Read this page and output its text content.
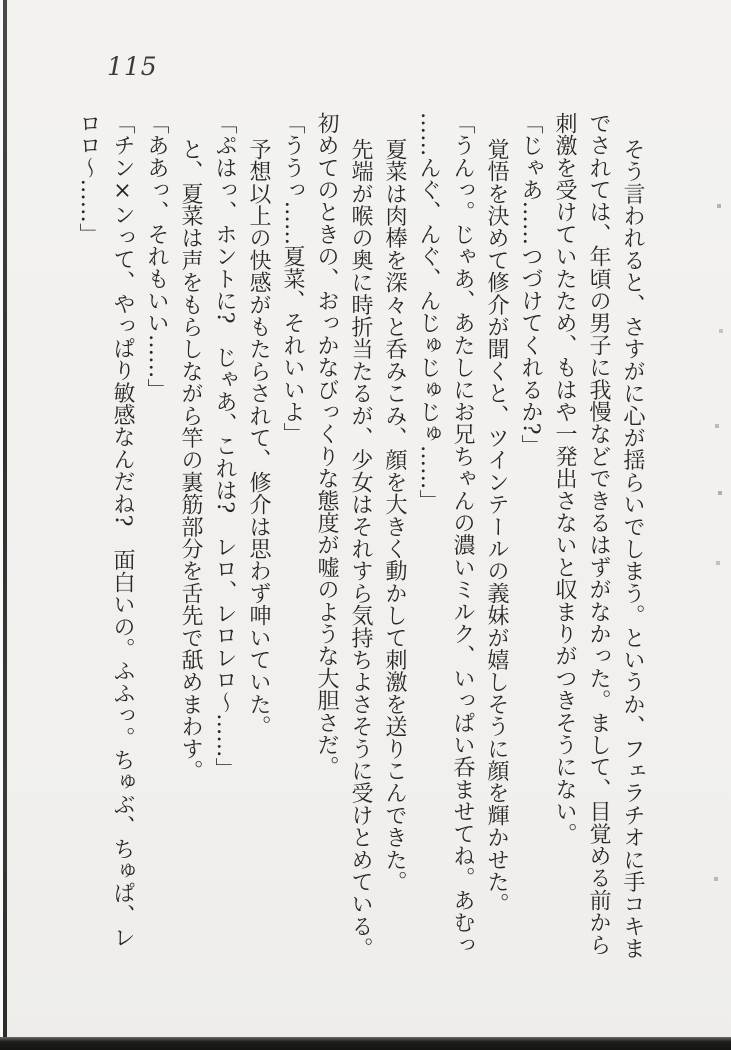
115
そう言われると、さすがに心が揺らいでしまう。というか、フェラチオに手コキま
でされては、年頃の男子に我慢などできるはずがなかった。まして、目覚める前から
刺激を受けていたため、もはや一発出さないと収まりがつきそうにない。
「じゃあ……つづけてくれるか?」
覚悟を決めて修介が聞くと、ツインテールの義妹が嬉しそうに顔を輝かせた。
「うんっ。じゃあ、あたしにお兄ちゃんの濃いミルク、いっぱい呑ませてね。あむっ
……んぐ、んぐ、んじゅじゅじゅ……」
夏菜は肉棒を深々と呑みこみ、顔を大きく動かして刺激を送りこんできた。
先端が喉の奥に時折当たるが、少女はそれすら気持ちよさそうに受けとめている。
初めてのときの、おっかなびっくりな態度が嘘のような大胆さだ。
「ううっ……夏菜、それいいよ」
予想以上の快感がもたらされて、修介は思わず呻いていた。
「ぷはっ、ホントに?　じゃあ、これは?　レロ、レロレロ〜……」
と、夏菜は声をもらしながら竿の裏筋部分を舌先で舐めまわす。
「ああっ、それもいい……」
「チン×ンって、やっぱり敏感なんだね?　面白いの。ふふっ。ちゅぶ、ちゅぱ、レ
ロロ〜……」
